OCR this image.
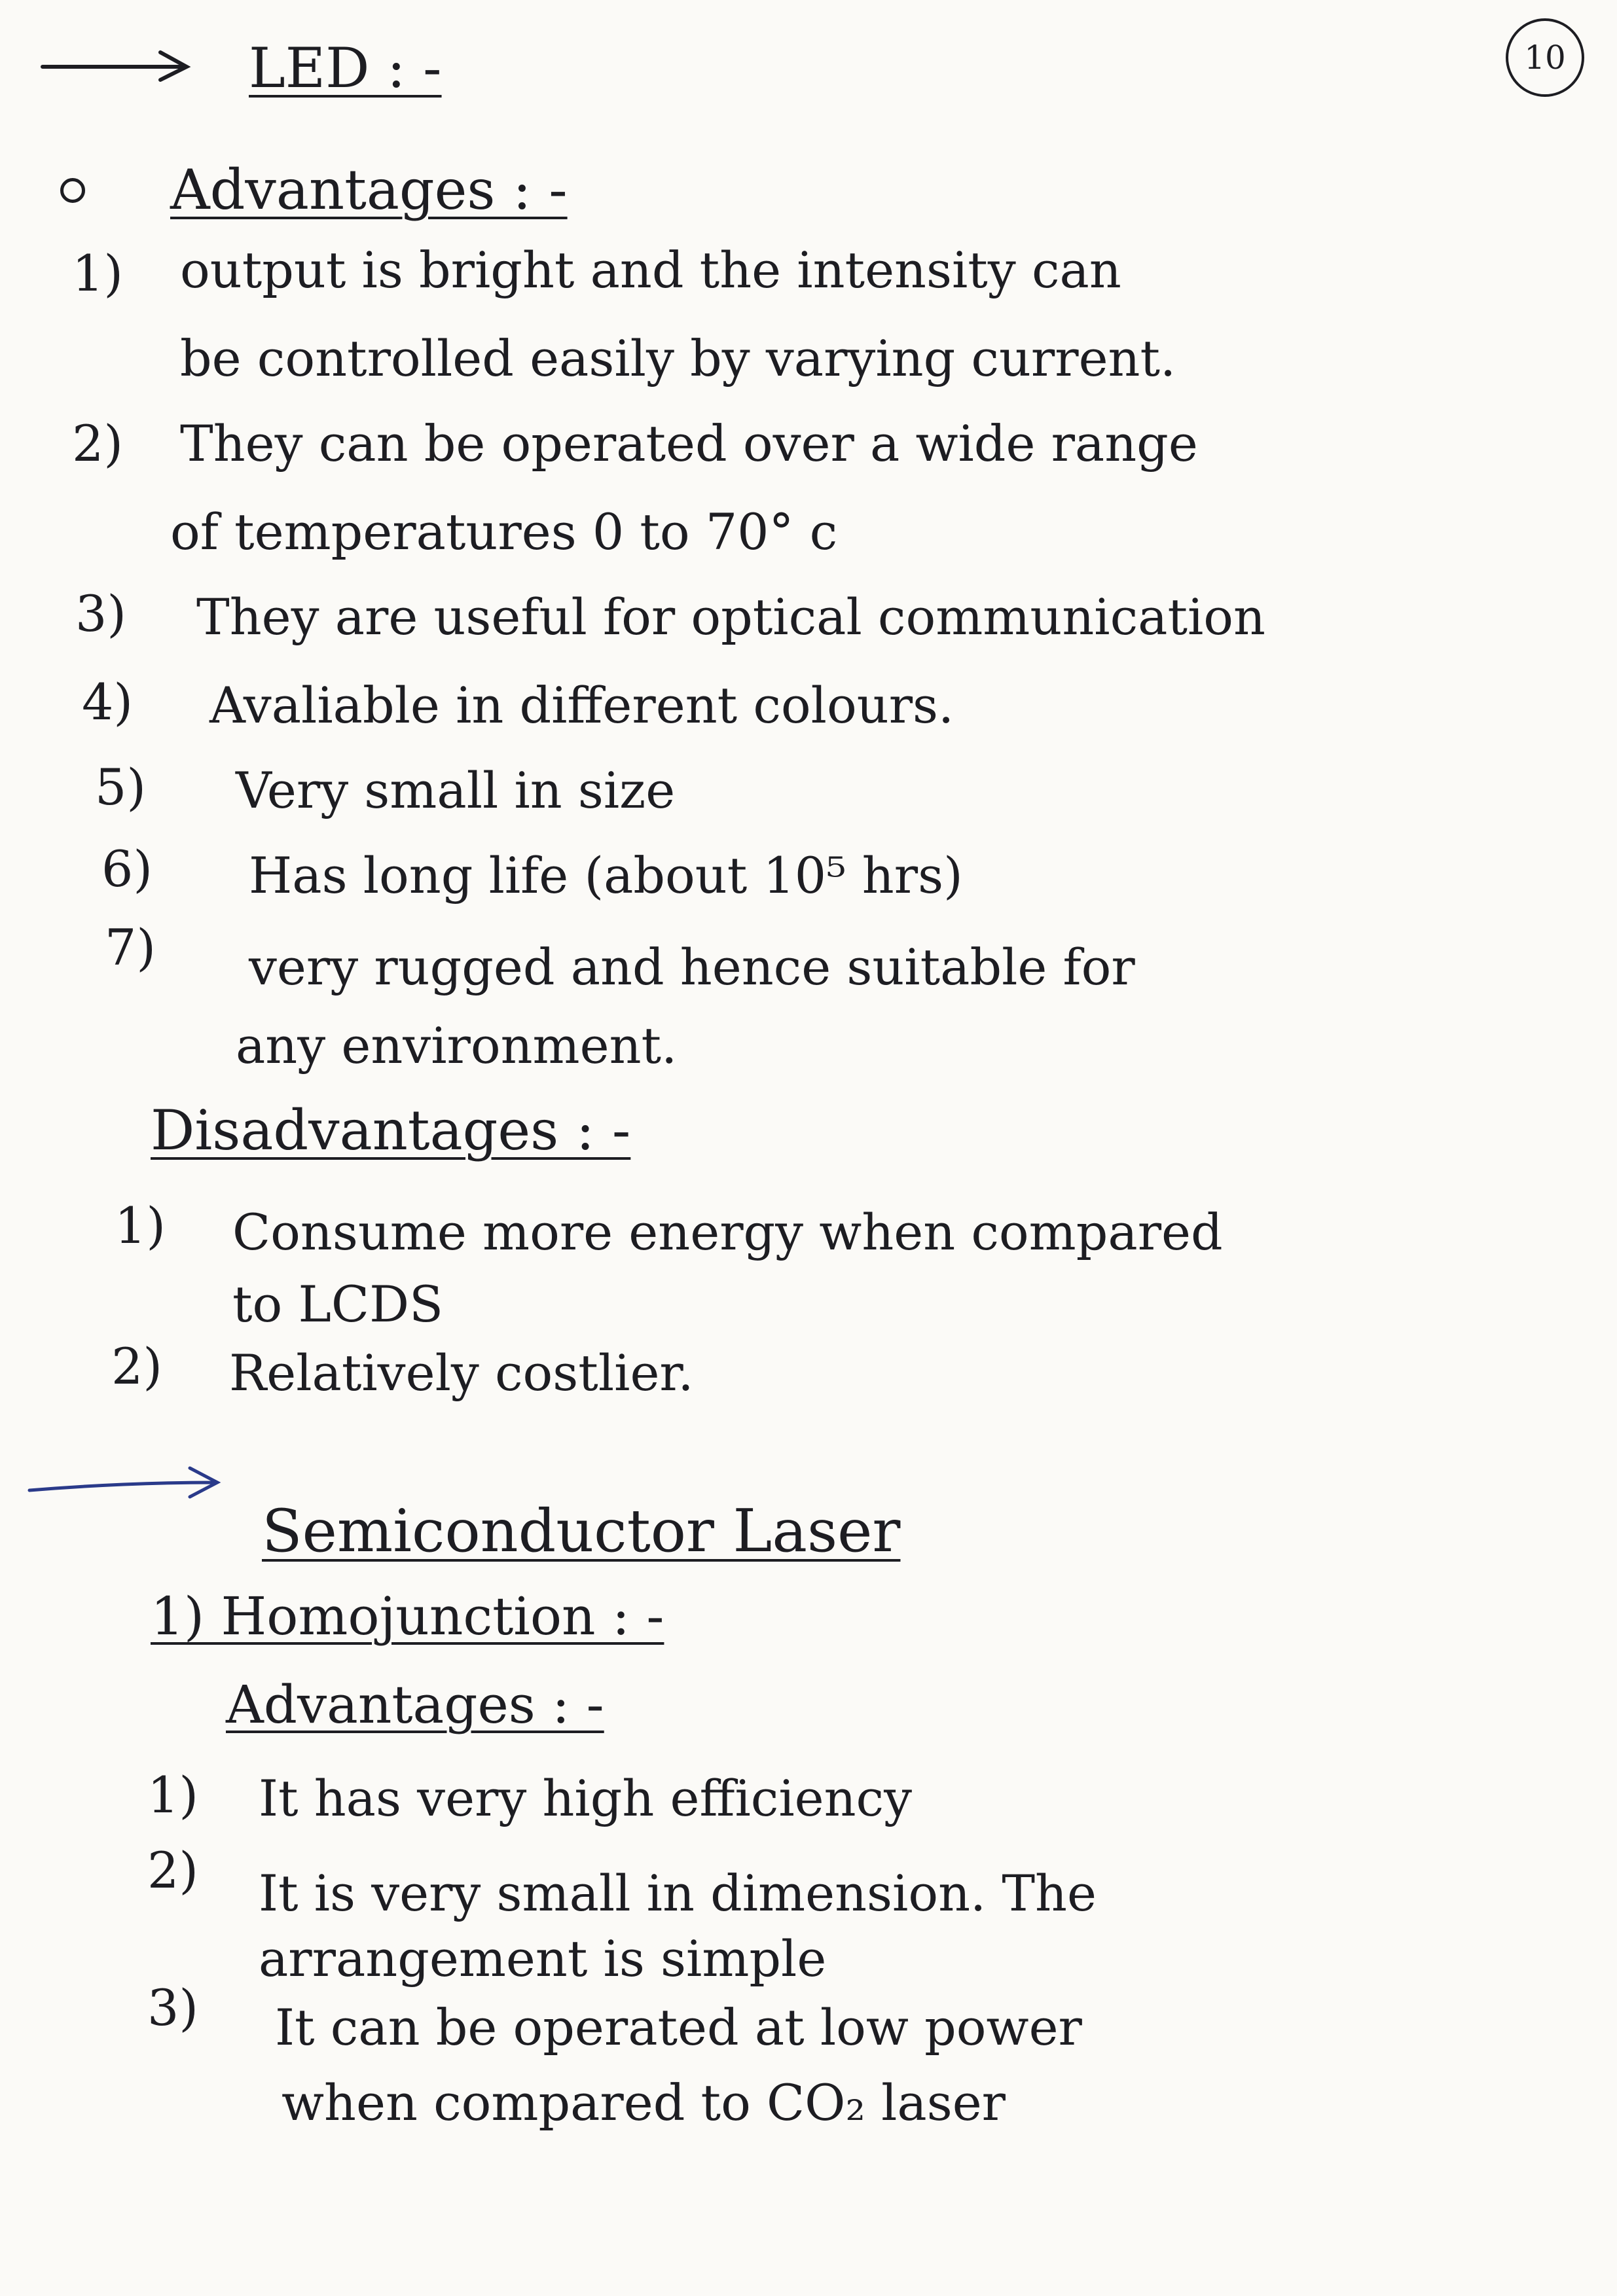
LED : -	10
Advantages : -
1) output is bright and the intensity can
be controlled easily by varying current.
2) They can be operated over a wide range
of temperatures 0 to 70° c
3) They are useful for optical communication
4) Avaliable in different colours.
5) Very small in size
6) Has long life (about 10⁵ hrs)
7) very rugged and hence suitable for
any environment.
Disadvantages : -
1) Consume more energy when compared
to LCDS
2) Relatively costlier.
Semiconductor Laser
1) Homojunction : -
Advantages : -
1) It has very high efficiency
2) It is very small in dimension. The
arrangement is simple
3) It can be operated at low power
when compared to CO₂ laser
